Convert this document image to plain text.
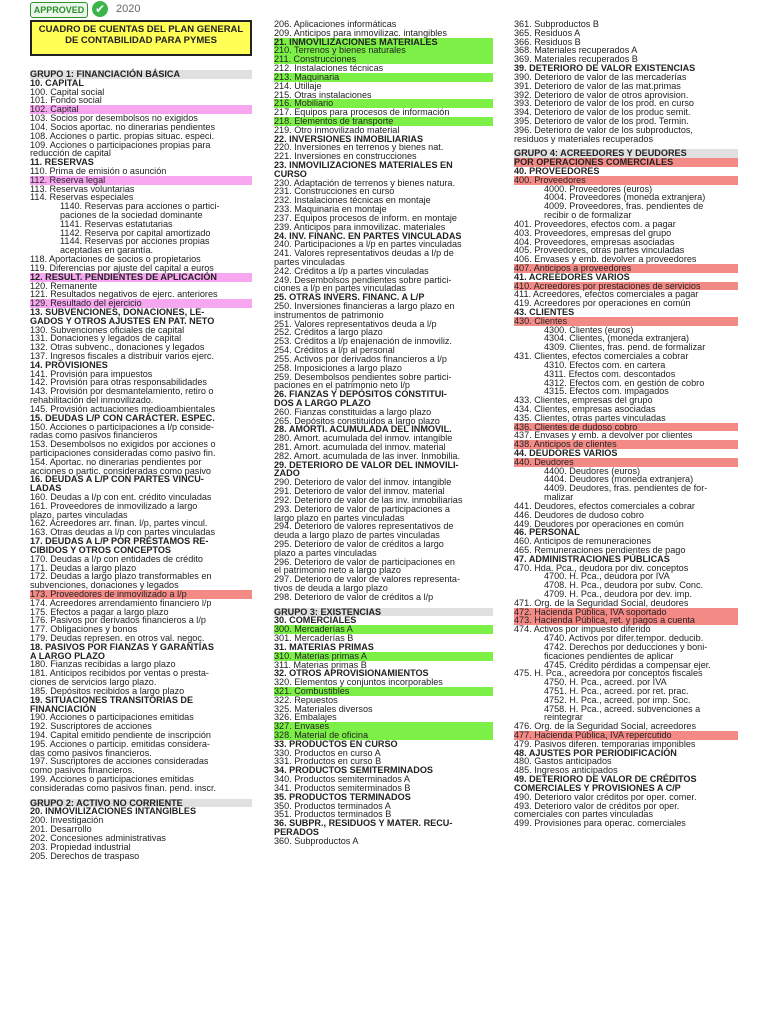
APPROVED ✔ 2020
CUADRO DE CUENTAS DEL PLAN GENERAL DE CONTABILIDAD PARA PYMES
GRUPO 1: FINANCIACIÓN BÁSICA
10. CAPITAL
100. Capital social
101. Fondo social
102. Capital
103. Socios por desembolsos no exigidos
104. Socios aportac. no dinerarias pendientes
108. Acciones o partic. propias situac. especi.
109. Acciones o participaciones propias para
reducción de capital
11. RESERVAS
110. Prima de emisión o asunción
112. Reserva legal
113. Reservas voluntarias
114. Reservas especiales
1140. Reservas para acciones o partici-
paciones de la sociedad dominante
1141. Reservas estatutarias
1142. Reserva por capital amortizado
1144. Reservas por acciones propias
aceptadas en garantía.
118. Aportaciones de socios o propietarios
119. Diferencias por ajuste del capital a euros
12. RESULT. PENDIENTES DE APLICACIÓN
120. Remanente
121. Resultados negativos de ejerc. anteriores
129. Resultado del ejercicio
13. SUBVENCIONES, DONACIONES, LE-
GADOS Y OTROS AJUSTES EN PAT. NETO
130. Subvenciones oficiales de capital
131. Donaciones y legados de capital
132. Otras subvenc., donaciones y legados
137. Ingresos fiscales a distribuir varios ejerc.
14. PROVISIONES
141. Provisión para impuestos
142. Provisión para otras responsabilidades
143. Provisión por desmantelamiento, retiro o
rehabilitación del inmovilizado.
145. Provisión actuaciones medioambientales
15. DEUDAS L/P CON CARÁCTER. ESPEC.
150. Acciones o participaciones a l/p conside-
radas como pasivos financieros
153. Desembolsos no exigidos por acciones o
participaciones consideradas como pasivo fin.
154. Aportac. no dinerarias pendientes por
acciones o partic. consideradas como pasivo
16. DEUDAS A L/P CON PARTES VINCU-
LADAS
160. Deudas a l/p con ent. crédito vinculadas
161. Proveedores de inmovilizado a largo
plazo, partes vinculadas
162. Acreedores arr. finan. l/p, partes vincul.
163. Otras deudas a l/p con partes vinculadas
17. DEUDAS A L/P POR PRÉSTAMOS RE-
CIBIDOS Y OTROS CONCEPTOS
170. Deudas a l/p con entidades de crédito
171. Deudas a largo plazo
172. Deudas a largo plazo transformables en
subvenciones, donaciones y legados
173. Proveedores de inmovilizado a l/p
174. Acreedores arrendamiento financiero l/p
175. Efectos a pagar a largo plazo
176. Pasivos por derivados financieros a l/p
177. Obligaciones y bonos
179. Deudas represen. en otros val. negoc.
18. PASIVOS POR FIANZAS Y GARANTÍAS
A LARGO PLAZO
180. Fianzas recibidas a largo plazo
181. Anticipos recibidos por ventas o presta-
ciones de servicios largo plazo.
185. Depósitos recibidos a largo plazo
19. SITUACIONES TRANSITORIAS DE
FINANCIACIÓN
190. Acciones o participaciones emitidas
192. Suscriptores de acciones
194. Capital emitido pendiente de inscripción
195. Acciones o particip. emitidas considera-
das como pasivos financieros.
197. Suscriptores de acciones consideradas
como pasivos financieros.
199. Acciones o participaciones emitidas
consideradas como pasivos finan. pend. inscr.
GRUPO 2: ACTIVO NO CORRIENTE
20. INMOVILIZACIONES INTANGIBLES
200. Investigación
201. Desarrollo
202. Concesiones administrativas
203. Propiedad industrial
205. Derechos de traspaso
206. Aplicaciones informáticas
209. Anticipos para inmovilizac. intangibles
21. INMOVILIZACIONES MATERIALES
210. Terrenos y bienes naturales
211. Construcciones
212. Instalaciones técnicas
213. Maquinaria
214. Utillaje
215. Otras instalaciones
216. Mobiliario
217. Equipos para procesos de información
218. Elementos de transporte
219. Otro inmovilizado material
22. INVERSIONES INMOBILIARIAS
220. Inversiones en terrenos y bienes nat.
221. Inversiones en construcciones
23. INMOVILIZACIONES MATERIALES EN
CURSO
230. Adaptación de terrenos y bienes natura.
231. Construcciones en curso
232. Instalaciones técnicas en montaje
233. Maquinaria en montaje
237. Equipos procesos de inform. en montaje
239. Anticipos para inmovilizac. materiales
24. INV. FINANC. EN PARTES VINCULADAS
240. Participaciones a l/p en partes vinculadas
241. Valores representativos deudas a l/p de
partes vinculadas
242. Créditos a l/p a partes vinculadas
249. Desembolsos pendientes sobre partici-
ciones a l/p en partes vinculadas
25. OTRAS INVERS. FINANC. A L/P
250. Inversiones financieras a largo plazo en
instrumentos de patrimonio
251. Valores representativos deuda a l/p
252. Créditos a largo plazo
253. Créditos a l/p enajenación de inmoviliz.
254. Créditos a l/p al personal
255. Activos por derivados financieros a l/p
258. Imposiciones a largo plazo
259. Desembolsos pendientes sobre partici-
paciones en el patrimonio neto l/p
26. FIANZAS Y DEPÓSITOS CONSTITUI-
DOS A LARGO PLAZO
260. Fianzas constituidas a largo plazo
265. Depósitos constituidos a largo plazo
28. AMORTI. ACUMULADA DEL INMOVIL.
280. Amort. acumulada del inmov. intangible
281. Amort. acumulada del inmov. material
282. Amort. acumulada de las inver. Inmobilia.
29. DETERIORO DE VALOR DEL INMOVILI-
ZADO
290. Deterioro de valor del inmov. intangible
291. Deterioro de valor del inmov. material
292. Deterioro de valor de las inv. inmobiliarias
293. Deterioro de valor de participaciones a
largo plazo en partes vinculadas
294. Deterioro de valores representativos de
deuda a largo plazo de partes vinculadas
295. Deterioro de valor de créditos a largo
plazo a partes vinculadas
296. Deterioro de valor de participaciones en
el patrimonio neto a largo plazo
297. Deterioro de valor de valores representa-
tivos de deuda a largo plazo
298. Deterioro de valor de créditos a l/p
GRUPO 3: EXISTENCIAS
30. COMERCIALES
300. Mercaderías A
301. Mercaderías B
31. MATERIAS PRIMAS
310. Materias primas A
311. Materias primas B
32. OTROS APROVISIONAMIENTOS
320. Elementos y conjuntos incorporables
321. Combustibles
322. Repuestos
325. Materiales diversos
326. Embalajes
327. Envases
328. Material de oficina
33. PRODUCTOS EN CURSO
330. Productos en curso A
331. Productos en curso B
34. PRODUCTOS SEMITERMINADOS
340. Productos semiterminados A
341. Productos semiterminados B
35. PRODUCTOS TERMINADOS
350. Productos terminados A
351. Productos terminados B
36. SUBPR., RESIDUOS Y MATER. RECU-
PERADOS
360. Subproductos A
361. Subproductos B
365. Residuos A
366. Residuos B
368. Materiales recuperados A
369. Materiales recuperados B
39. DETERIORO DE VALOR EXISTENCIAS
390. Deterioro de valor de las mercaderías
391. Deterioro de valor de las mat.primas
392. Deterioro de valor de otros aprovision.
393. Deterioro de valor de los prod. en curso
394. Deterioro de valor de los produc semit.
395. Deterioro de valor de los prod. Termin.
396. Deterioro de valor de los subproductos,
residuos y materiales recuperados
GRUPO 4: ACREEDORES Y DEUDORES
POR OPERACIONES COMERCIALES
40. PROVEEDORES
400. Proveedores
4000. Proveedores (euros)
4004. Proveedores (moneda extranjera)
4009. Proveedores, fras. pendientes de
recibir o de formalizar
401. Proveedores, efectos com. a pagar
403. Proveedores, empresas del grupo
404. Proveedores, empresas asociadas
405. Proveedores, otras partes vinculadas
406. Envases y emb. devolver a proveedores
407. Anticipos a proveedores
41. ACREEDORES VARIOS
410. Acreedores por prestaciones de servicios
411. Acreedores, efectos comerciales a pagar
419. Acreedores por operaciones en común
43. CLIENTES
430. Clientes
4300. Clientes (euros)
4304. Clientes, (moneda extranjera)
4309. Clientes, fras. pend. de formalizar
431. Clientes, efectos comerciales a cobrar
4310. Efectos com. en cartera
4311. Efectos com. descontados
4312. Efectos com. en gestión de cobro
4315. Efectos com. impagados
433. Clientes, empresas del grupo
434. Clientes, empresas asociadas
435. Clientes, otras partes vinculadas
436. Clientes de dudoso cobro
437. Envases y emb. a devolver por clientes
438. Anticipos de clientes
44. DEUDORES VARIOS
440. Deudores
4400. Deudores (euros)
4404. Deudores (moneda extranjera)
4409. Deudores, fras. pendientes de for-
malizar
441. Deudores, efectos comerciales a cobrar
446. Deudores de dudoso cobro
449. Deudores por operaciones en común
46. PERSONAL
460. Anticipos de remuneraciones
465. Remuneraciones pendientes de pago
47. ADMINISTRACIONES PÚBLICAS
470. Hda. Pca., deudora por div. conceptos
4700. H. Pca., deudora por IVA
4708. H. Pca., deudora por subv. Conc.
4709. H. Pca., deudora por dev. imp.
471. Org. de la Seguridad Social, deudores
472. Hacienda Pública, IVA soportado
473. Hacienda Pública, ret. y pagos a cuenta
474. Activos por impuesto diferido
4740. Activos por difer.tempor. deducib.
4742. Derechos por deducciones y boni-
ficaciones pendientes de aplicar
4745. Crédito pérdidas a compensar ejer.
475. H. Pca., acreedora por conceptos fiscales
4750. H. Pca., acreed. por IVA
4751. H. Pca., acreed. por ret. prac.
4752. H. Pca., acreed. por imp. Soc.
4758. H. Pca., acreed. subvenciones a
reintegrar
476. Org. de la Seguridad Social, acreedores
477. Hacienda Pública, IVA repercutido
479. Pasivos diferen. temporarias imponibles
48. AJUSTES POR PERIODIFICACIÓN
480. Gastos anticipados
485. Ingresos anticipados
49. DETERIORO DE VALOR DE CRÉDITOS
COMERCIALES Y PROVISIONES A C/P
490. Deterioro valor créditos por oper. comer.
493. Deterioro valor de créditos por oper.
comerciales con partes vinculadas
499. Provisiones para operac. comerciales
